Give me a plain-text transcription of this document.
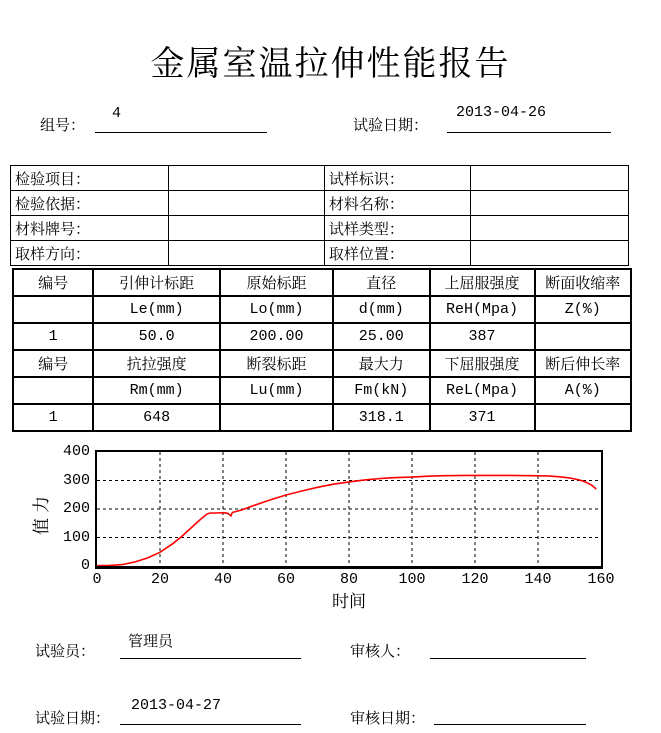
金属室温拉伸性能报告
组号：
4
试验日期：
2013-04-26
检验项目：		试样标识：	
检验依据：		材料名称：	
材料牌号：		试样类型：	
取样方向：		取样位置：	
编号	引伸计标距	原始标距	直径	上屈服强度	断面收缩率
	Le(mm)	Lo(mm)	d(mm)	ReH(Mpa)	Z(%)
1	50.0	200.00	25.00	387	
编号	抗拉强度	断裂标距	最大力	下屈服强度	断后伸长率
	Rm(mm)	Lu(mm)	Fm(kN)	ReL(Mpa)	A(%)
1	648		318.1	371	
0
100
200
300
400
0	20	40	60	80	100	120	140	160
力
值
时间
试验员：
管理员
审核人：
试验日期：
2013-04-27
审核日期：
